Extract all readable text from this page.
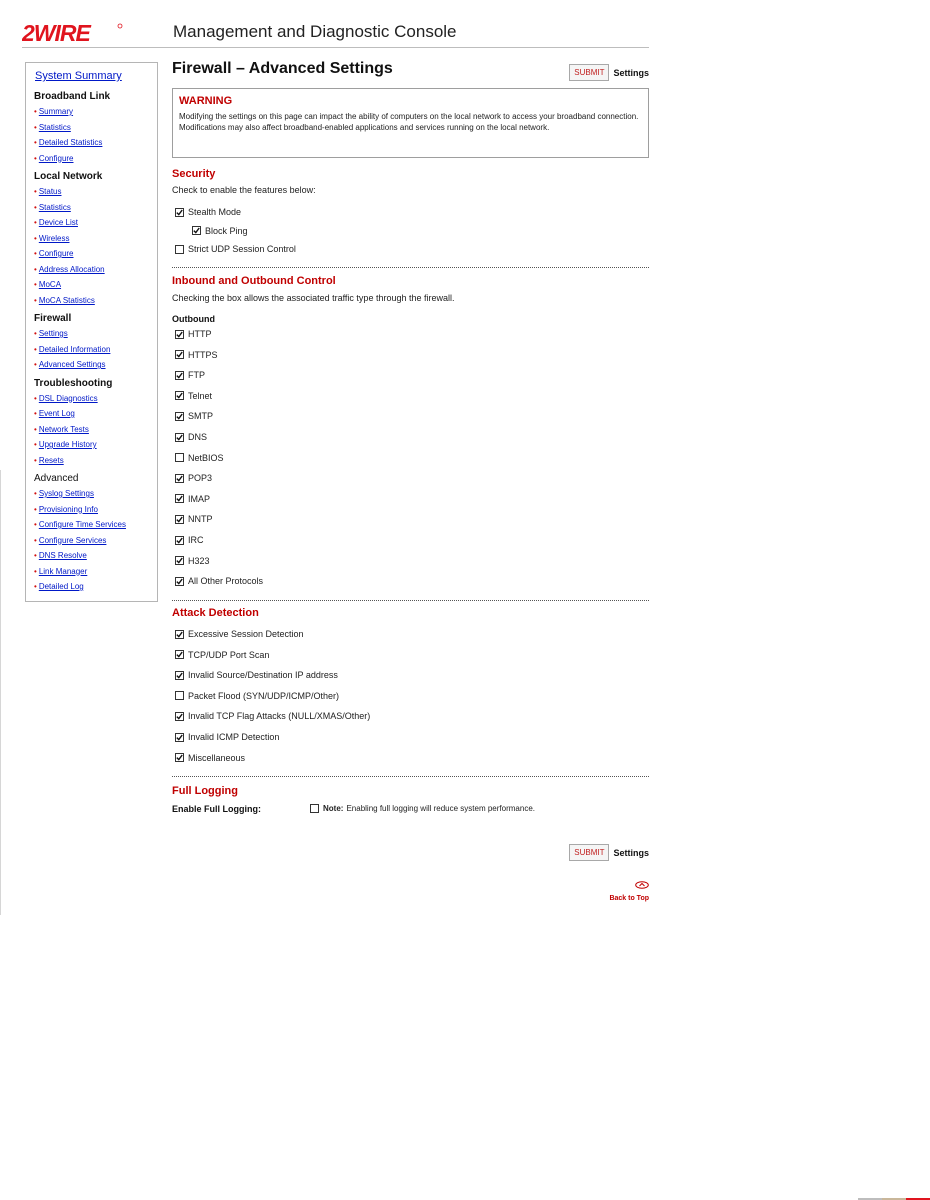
2WIRE	Management and Diagnostic Console
System Summary
Broadband Link
• Summary
• Statistics
• Detailed Statistics
• Configure
Local Network
• Status
• Statistics
• Device List
• Wireless
• Configure
• Address Allocation
• MoCA
• MoCA Statistics
Firewall
• Settings
• Detailed Information
• Advanced Settings
Troubleshooting
• DSL Diagnostics
• Event Log
• Network Tests
• Upgrade History
• Resets
Advanced
• Syslog Settings
• Provisioning Info
• Configure Time Services
• Configure Services
• DNS Resolve
• Link Manager
• Detailed Log
Firewall – Advanced Settings	SUBMIT	Settings
WARNING
Modifying the settings on this page can impact the ability of computers on the local network to access your broadband connection. Modifications may also affect broadband-enabled applications and services running on the local network.
Security
Check to enable the features below:
Stealth Mode
Block Ping
Strict UDP Session Control
Inbound and Outbound Control
Checking the box allows the associated traffic type through the firewall.
Outbound
HTTP
HTTPS
FTP
Telnet
SMTP
DNS
NetBIOS
POP3
IMAP
NNTP
IRC
H323
All Other Protocols
Attack Detection
Excessive Session Detection
TCP/UDP Port Scan
Invalid Source/Destination IP address
Packet Flood (SYN/UDP/ICMP/Other)
Invalid TCP Flag Attacks (NULL/XMAS/Other)
Invalid ICMP Detection
Miscellaneous
Full Logging
Enable Full Logging:	Note: Enabling full logging will reduce system performance.
SUBMIT	Settings
Back to Top
